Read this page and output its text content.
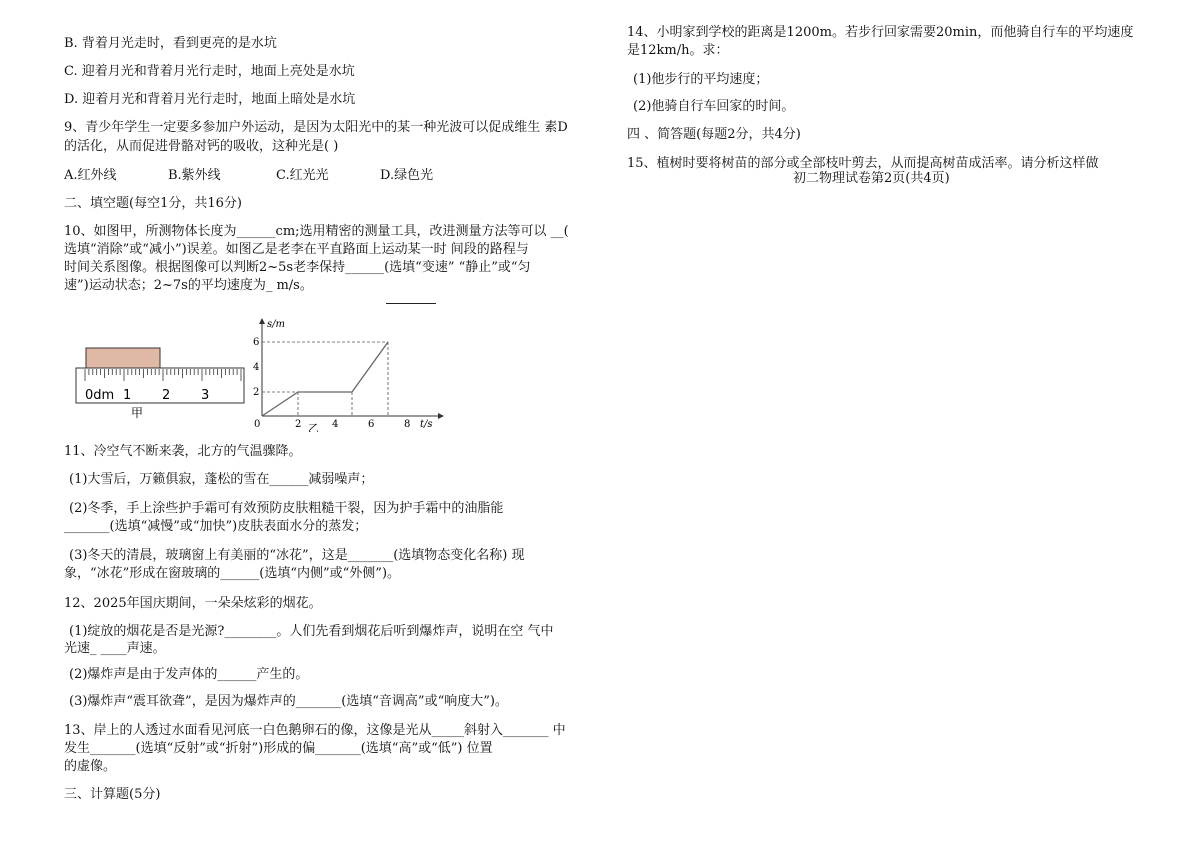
B. 背着月光走时，看到更亮的是水坑
C. 迎着月光和背着月光行走时，地面上亮处是水坑
D. 迎着月光和背着月光行走时，地面上暗处是水坑
9、青少年学生一定要多参加户外运动，是因为太阳光中的某一种光波可以促成维生 素D
的活化，从而促进骨骼对钙的吸收，这种光是( )
A.红外线	B.紫外线	C.红光光	D.绿色光
二、填空题(每空1分，共16分)
10、如图甲，所测物体长度为______cm;选用精密的测量工具，改进测量方法等可以 __(
选填“消除”或“减小”)误差。如图乙是老李在平直路面上运动某一时 间段的路程与
时间关系图像。根据图像可以判断2~5s老李保持______(选填“变速” “静止”或“匀
速”)运动状态；2~7s的平均速度为_ m/s。
0dm 1 2 3
甲
s/m
t/s
2
4
6
0	2	4	6	8
乙
11、冷空气不断来袭，北方的气温骤降。
(1)大雪后，万籁俱寂，蓬松的雪在______减弱噪声；
(2)冬季，手上涂些护手霜可有效预防皮肤粗糙干裂，因为护手霜中的油脂能
_______(选填“减慢”或“加快”)皮肤表面水分的蒸发；
(3)冬天的清晨，玻璃窗上有美丽的“冰花”，这是_______(选填物态变化名称) 现
象，“冰花”形成在窗玻璃的______(选填“内侧”或“外侧”)。
12、2025年国庆期间，一朵朵炫彩的烟花。
(1)绽放的烟花是否是光源?________。人们先看到烟花后听到爆炸声，说明在空 气中
光速_ ____声速。
(2)爆炸声是由于发声体的______产生的。
(3)爆炸声“震耳欲聋”，是因为爆炸声的_______(选填“音调高”或“响度大”)。
13、岸上的人透过水面看见河底一白色鹅卵石的像，这像是光从_____斜射入_______ 中
发生_______(选填“反射”或“折射”)形成的偏_______(选填“高”或“低”) 位置
的虚像。
三、计算题(5分)
14、小明家到学校的距离是1200m。若步行回家需要20min，而他骑自行车的平均速度
是12km/h。求：
(1)他步行的平均速度；
(2)他骑自行车回家的时间。
四 、简答题(每题2分，共4分)
15、植树时要将树苗的部分或全部枝叶剪去，从而提高树苗成活率。请分析这样做
初二物理试卷第2页(共4页)
